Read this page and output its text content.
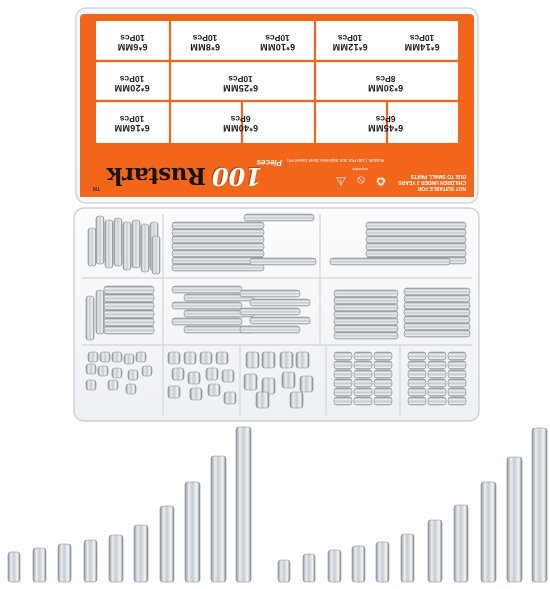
NOT SUITABLE FOR CHILDREN UNDER 3 YEARS DUE TO SMALL PARTS
♻
⦸
⚠
recyclable
Rustark | 100 Pcs 304 Stainless Steel Dowel Pin
Pieces
100
Rustark
TM
6*45MM
6Pcs
6*40MM
6Pcs
6*16MM
10Pcs
6*30MM
8Pcs
6*25MM
10Pcs
6*20MM
10Pcs
6*14MM
10Pcs
6*12MM
10Pcs
6*10MM
10Pcs
6*8MM
10Pcs
6*6MM
10Pcs
